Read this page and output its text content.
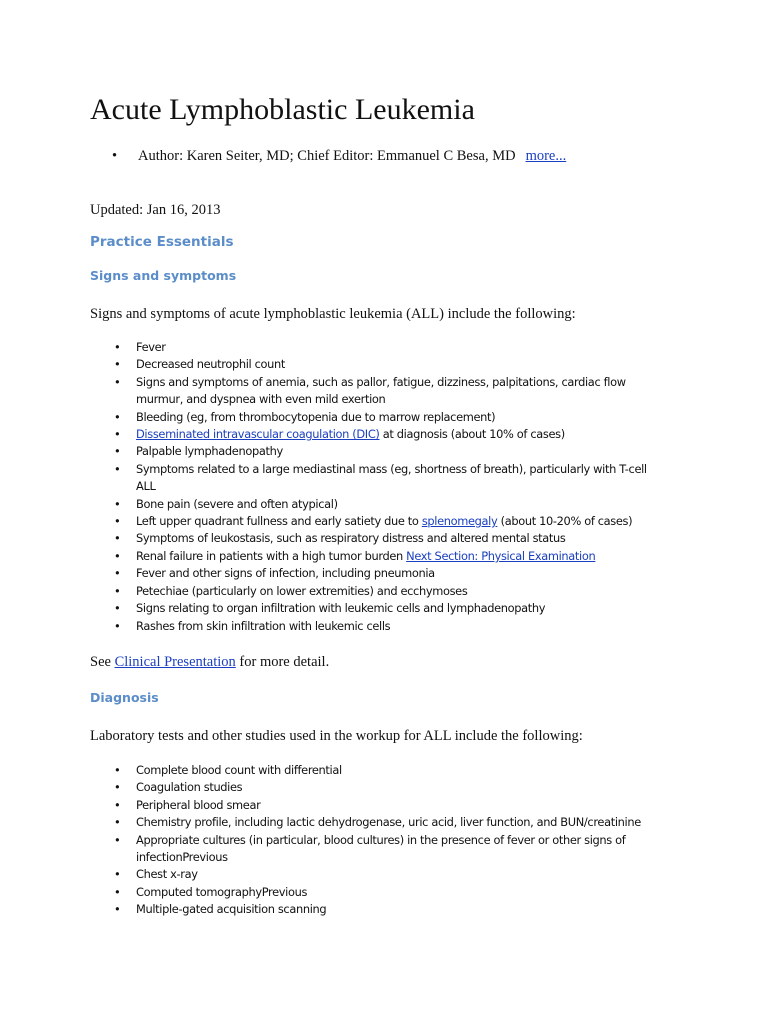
Acute Lymphoblastic Leukemia
• Author: Karen Seiter, MD; Chief Editor: Emmanuel C Besa, MD more...
Updated: Jan 16, 2013
Practice Essentials
Signs and symptoms
Signs and symptoms of acute lymphoblastic leukemia (ALL) include the following:
• Fever
• Decreased neutrophil count
• Signs and symptoms of anemia, such as pallor, fatigue, dizziness, palpitations, cardiac flow murmur, and dyspnea with even mild exertion
• Bleeding (eg, from thrombocytopenia due to marrow replacement)
• Disseminated intravascular coagulation (DIC) at diagnosis (about 10% of cases)
• Palpable lymphadenopathy
• Symptoms related to a large mediastinal mass (eg, shortness of breath), particularly with T-cell ALL
• Bone pain (severe and often atypical)
• Left upper quadrant fullness and early satiety due to splenomegaly (about 10-20% of cases)
• Symptoms of leukostasis, such as respiratory distress and altered mental status
• Renal failure in patients with a high tumor burden Next Section: Physical Examination
• Fever and other signs of infection, including pneumonia
• Petechiae (particularly on lower extremities) and ecchymoses
• Signs relating to organ infiltration with leukemic cells and lymphadenopathy
• Rashes from skin infiltration with leukemic cells
See Clinical Presentation for more detail.
Diagnosis
Laboratory tests and other studies used in the workup for ALL include the following:
• Complete blood count with differential
• Coagulation studies
• Peripheral blood smear
• Chemistry profile, including lactic dehydrogenase, uric acid, liver function, and BUN/creatinine
• Appropriate cultures (in particular, blood cultures) in the presence of fever or other signs of infectionPrevious
• Chest x-ray
• Computed tomographyPrevious
• Multiple-gated acquisition scanning
